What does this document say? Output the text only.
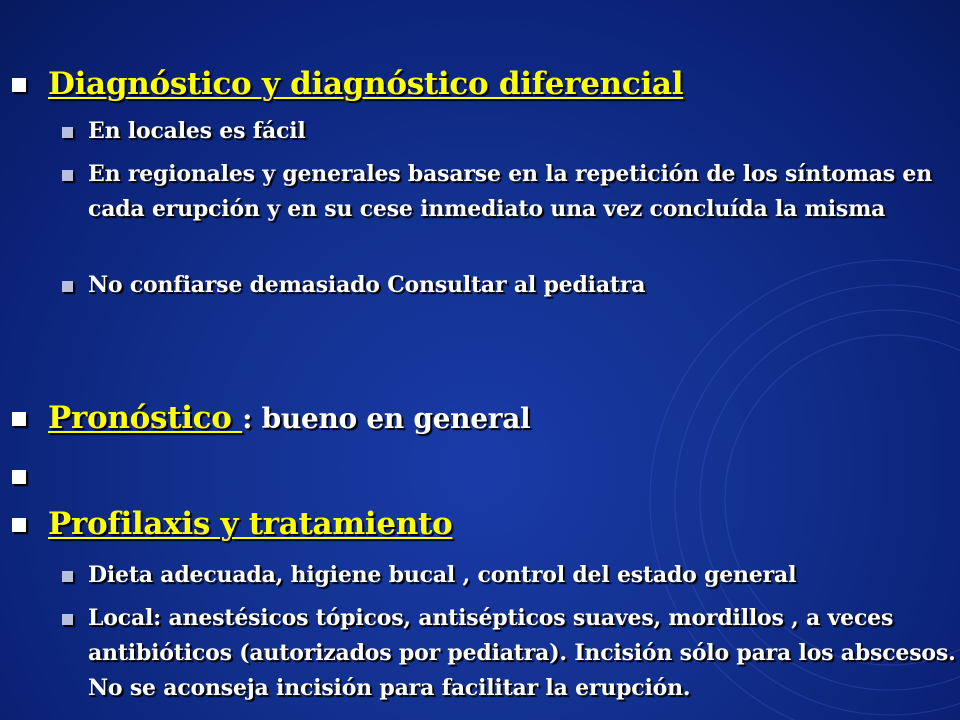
Diagnóstico y diagnóstico diferencial
En locales es fácil
En regionales y generales basarse en la repetición de los síntomas en cada erupción y en su cese inmediato una vez concluída la misma
No confiarse demasiado Consultar al pediatra
Pronóstico : bueno en general
Profilaxis y tratamiento
Dieta adecuada, higiene bucal , control del estado general
Local: anestésicos tópicos, antisépticos suaves, mordillos , a veces antibióticos (autorizados por pediatra). Incisión sólo para los abscesos. No se aconseja incisión para facilitar la erupción.
